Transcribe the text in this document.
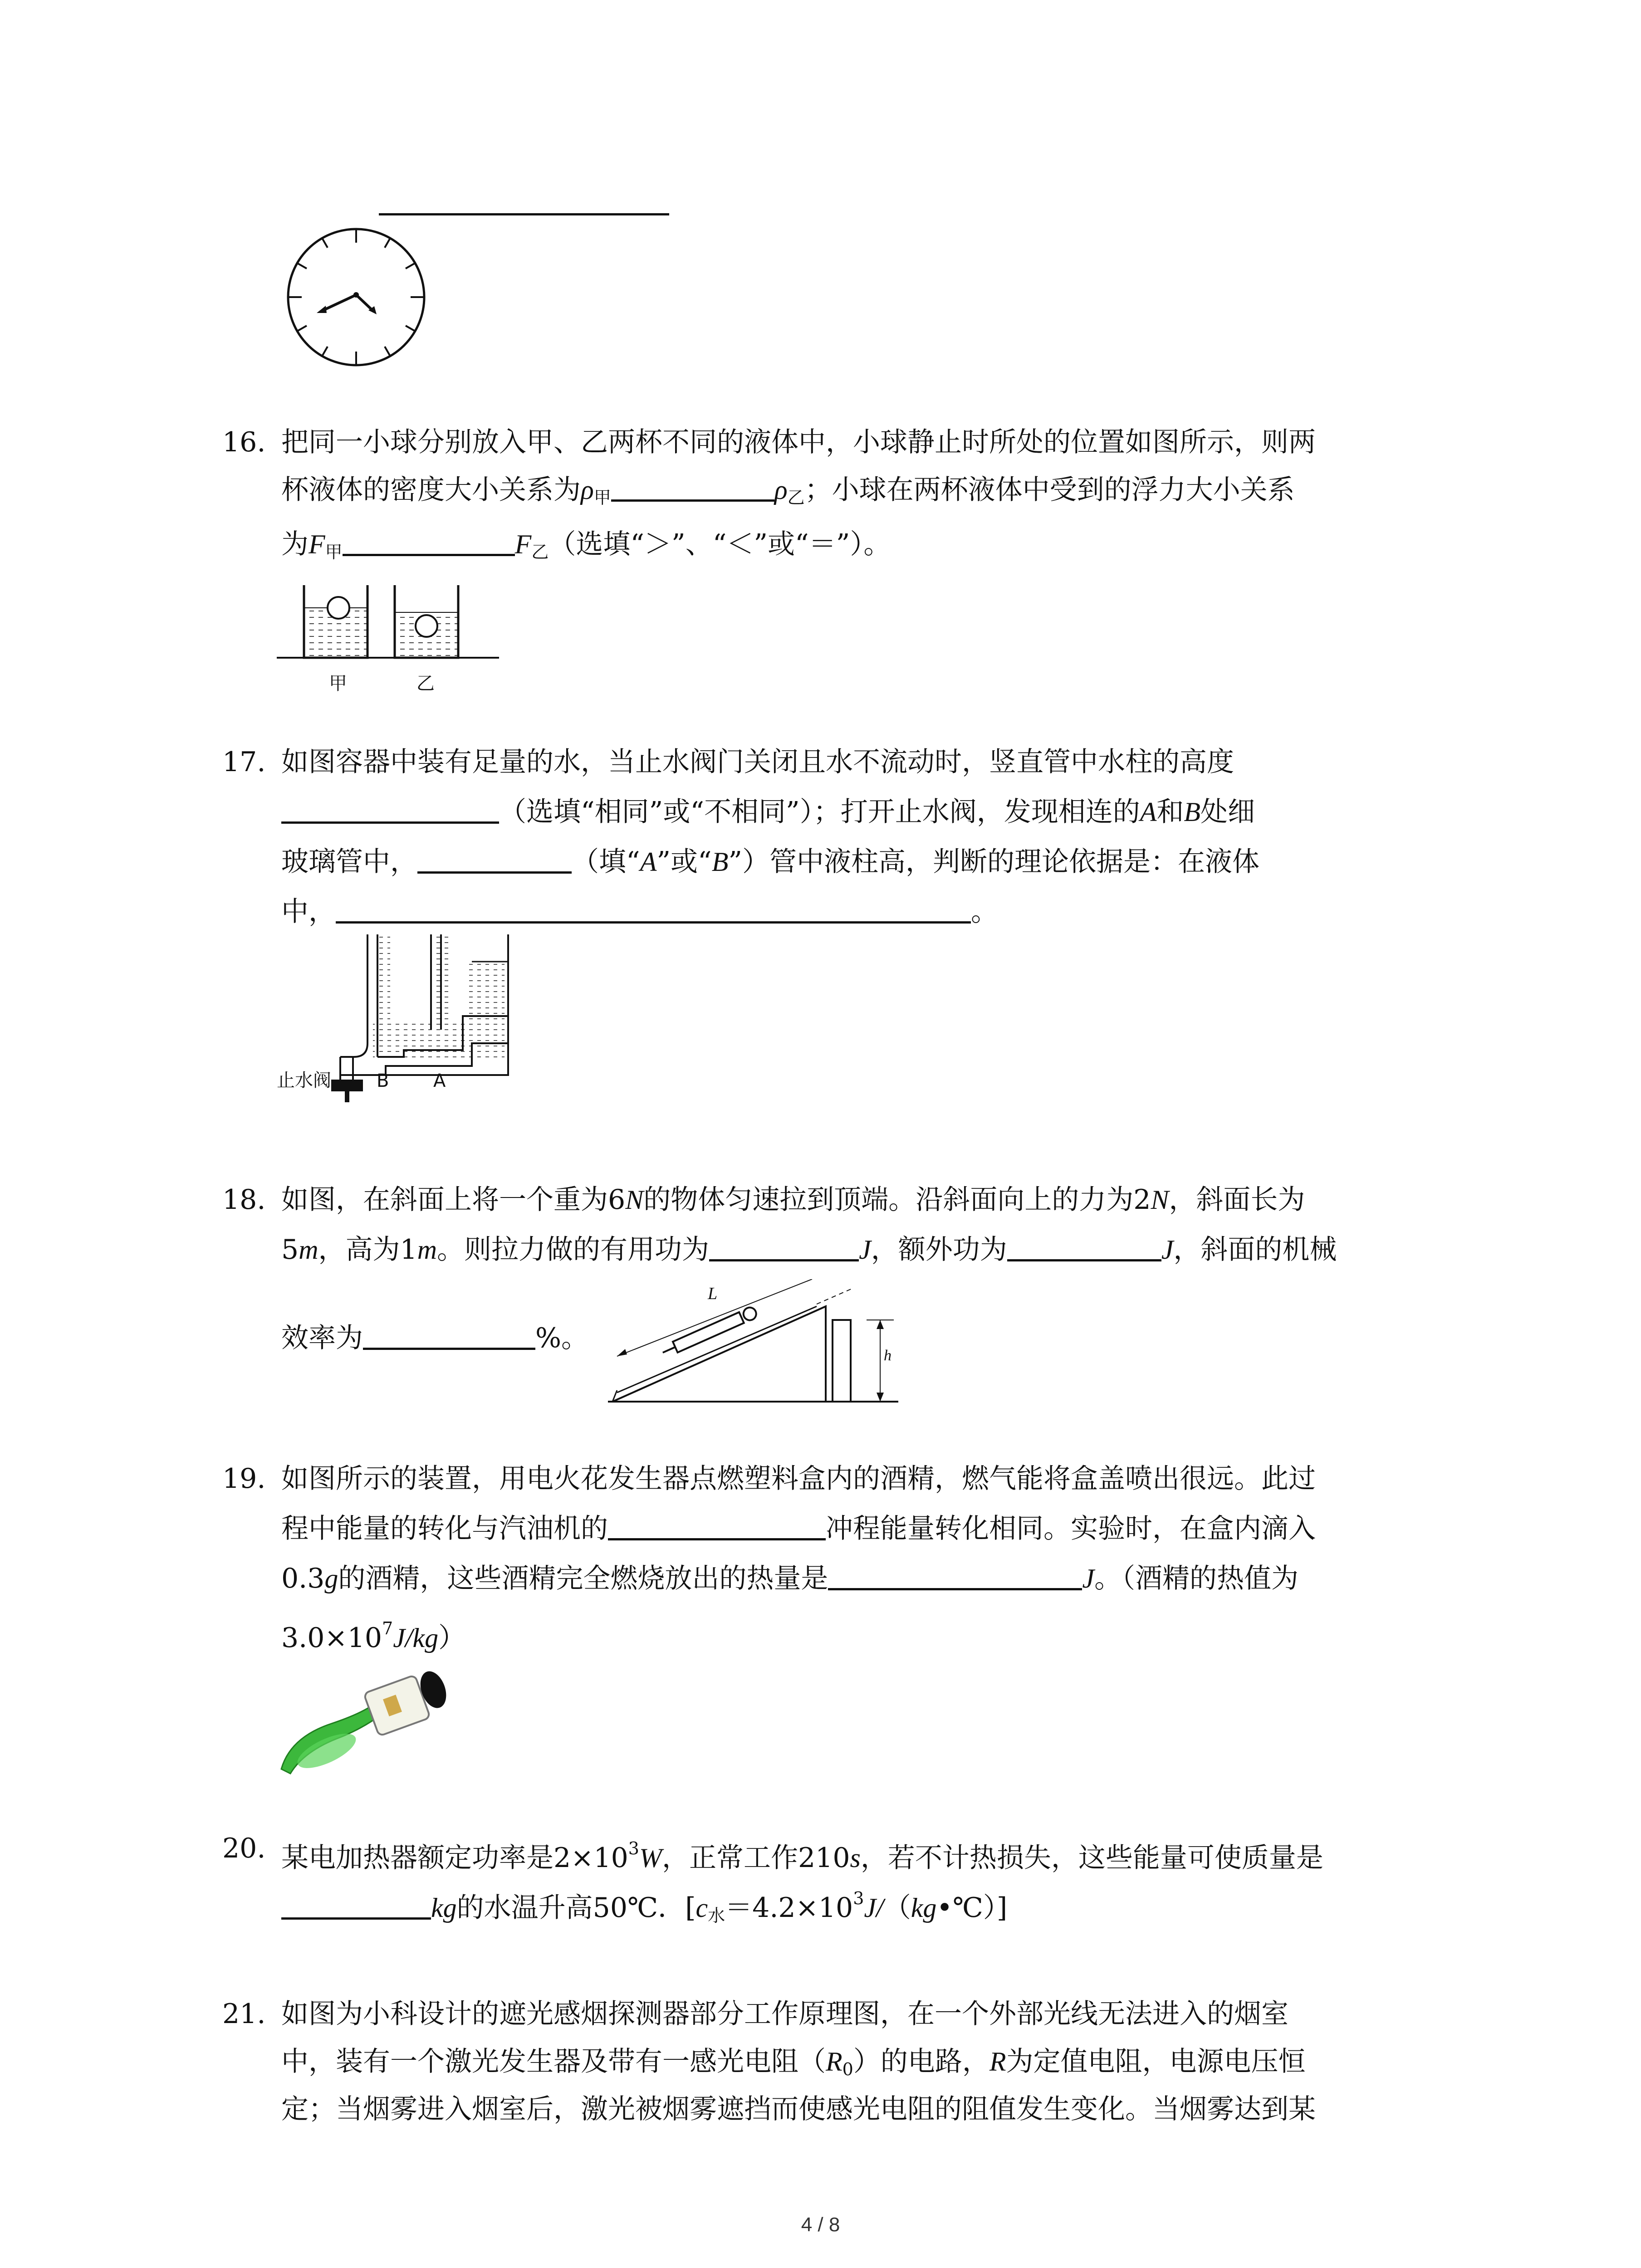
16. 把同一小球分别放入甲、乙两杯不同的液体中，小球静止时所处的位置如图所示，则两
杯液体的密度大小关系为$\rho_甲$	$\rho_乙$；小球在两杯液体中受到的浮力大小关系
为$F_甲$	$F_乙$（选填“＞”、“＜”或“＝”）。
甲	乙
17. 如图容器中装有足量的水，当止水阀门关闭且水不流动时，竖直管中水柱的高度
（选填“相同”或“不相同”）；打开止水阀，发现相连的A和B处细
玻璃管中，	（填“A”或“B”）管中液柱高，判断的理论依据是：在液体
中，	。
止水阀	B A
18. 如图，在斜面上将一个重为6N的物体匀速拉到顶端。沿斜面向上的力为2N，斜面长为
5m，高为1m。则拉力做的有用功为	J，额外功为	J，斜面的机械
效率为	%。
L
h
19. 如图所示的装置，用电火花发生器点燃塑料盒内的酒精，燃气能将盒盖喷出很远。此过
程中能量的转化与汽油机的	冲程能量转化相同。实验时，在盒内滴入
0.3g的酒精，这些酒精完全燃烧放出的热量是	J。（酒精的热值为
$3.0\times 10^7J/kg$）
20. 某电加热器额定功率是$2\times 10^3W$，正常工作210s，若不计热损失，这些能量可使质量是
kg的水温升高50℃．$[c_水=4.2\times 10^3J/(kg•℃)]$
21. 如图为小科设计的遮光感烟探测器部分工作原理图，在一个外部光线无法进入的烟室
中，装有一个激光发生器及带有一感光电阻$(R_0)$的电路，R为定值电阻，电源电压恒
定；当烟雾进入烟室后，激光被烟雾遮挡而使感光电阻的阻值发生变化。当烟雾达到某
4 / 8
